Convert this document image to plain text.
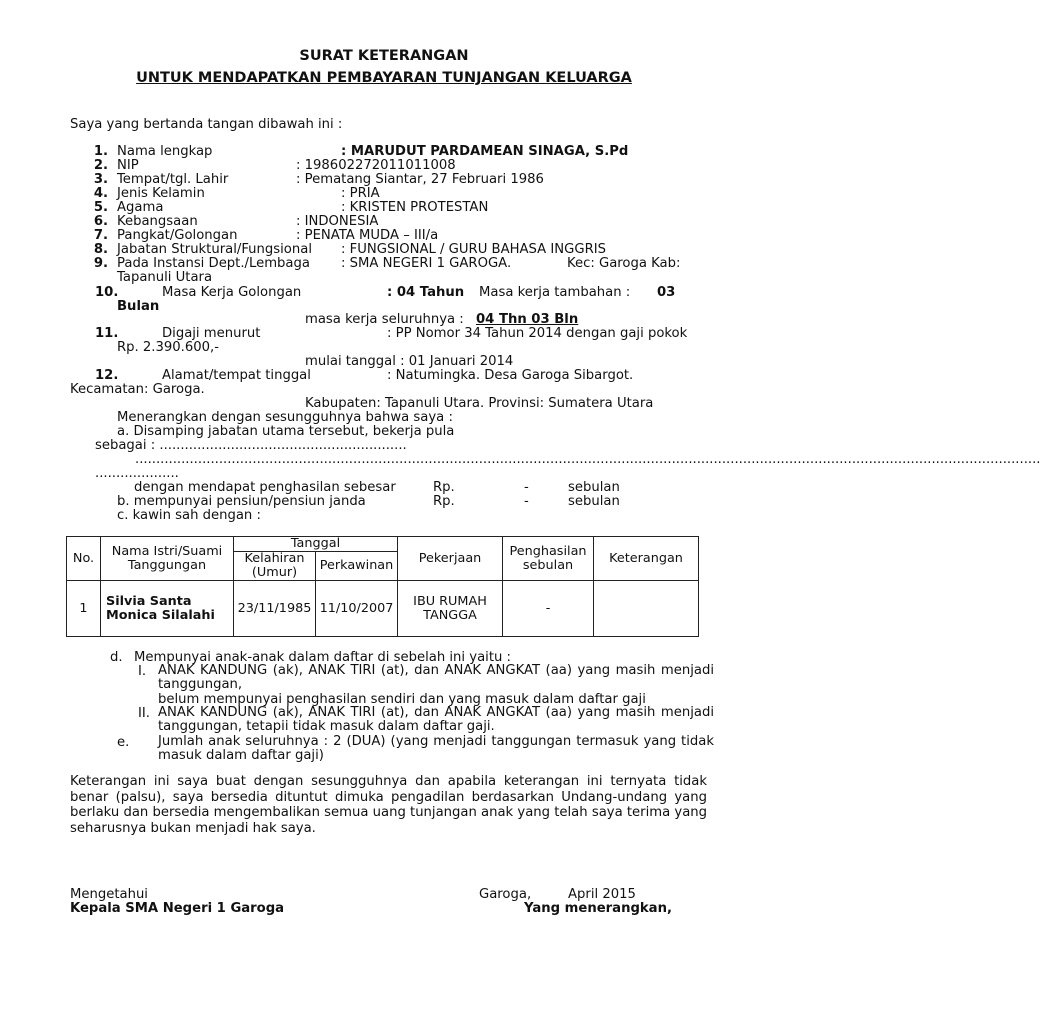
SURAT KETERANGAN
UNTUK MENDAPATKAN PEMBAYARAN TUNJANGAN KELUARGA
Saya yang bertanda tangan dibawah ini :
1. Nama lengkap	: MARUDUT PARDAMEAN SINAGA, S.Pd
2. NIP	: 198602272011011008
3. Tempat/tgl. Lahir	: Pematang Siantar, 27 Februari 1986
4. Jenis Kelamin	: PRIA
5. Agama	: KRISTEN PROTESTAN
6. Kebangsaan	: INDONESIA
7. Pangkat/Golongan	: PENATA MUDA – III/a
8. Jabatan Struktural/Fungsional : FUNGSIONAL / GURU BAHASA INGGRIS
9. Pada Instansi Dept./Lembaga : SMA NEGERI 1 GAROGA.	Kec: Garoga Kab:
Tapanuli Utara
10.	Masa Kerja Golongan	: 04 Tahun Masa kerja tambahan : 03
Bulan
masa kerja seluruhnya : 04 Thn 03 Bln
11.	Digaji menurut	: PP Nomor 34 Tahun 2014 dengan gaji pokok
Rp. 2.390.600,-
mulai tanggal : 01 Januari 2014
12.	Alamat/tempat tinggal	: Natumingka. Desa Garoga Sibargot.
Kecamatan: Garoga.
Kabupaten: Tapanuli Utara. Provinsi: Sumatera Utara
Menerangkan dengan sesungguhnya bahwa saya :
a. Disamping jabatan utama tersebut, bekerja pula
sebagai : ...........................................................
........................................................................................................................................................................................................................
....................
dengan mendapat penghasilan sebesar	Rp.	-	sebulan
b. mempunyai pensiun/pensiun janda	Rp.	-	sebulan
c. kawin sah dengan :
No.	Nama Istri/Suami Tanggungan	Tanggal		Pekerjaan	Penghasilan sebulan	Keterangan
		Kelahiran (Umur)	Perkawinan			
1	Silvia Santa Monica Silalahi	23/11/1985	11/10/2007	IBU RUMAH TANGGA	-	
d. Mempunyai anak-anak dalam daftar di sebelah ini yaitu :
I. ANAK KANDUNG (ak), ANAK TIRI (at), dan ANAK ANGKAT (aa) yang masih menjadi tanggungan,
belum mempunyai penghasilan sendiri dan yang masuk dalam daftar gaji
II. ANAK KANDUNG (ak), ANAK TIRI (at), dan ANAK ANGKAT (aa) yang masih menjadi tanggungan, tetapii tidak masuk dalam daftar gaji.
e. Jumlah anak seluruhnya : 2 (DUA) (yang menjadi tanggungan termasuk yang tidak masuk dalam daftar gaji)
Keterangan ini saya buat dengan sesungguhnya dan apabila keterangan ini ternyata tidak benar (palsu), saya bersedia dituntut dimuka pengadilan berdasarkan Undang-undang yang berlaku dan bersedia mengembalikan semua uang tunjangan anak yang telah saya terima yang seharusnya bukan menjadi hak saya.
Mengetahui
Kepala SMA Negeri 1 Garoga
Garoga,	April 2015
Yang menerangkan,
